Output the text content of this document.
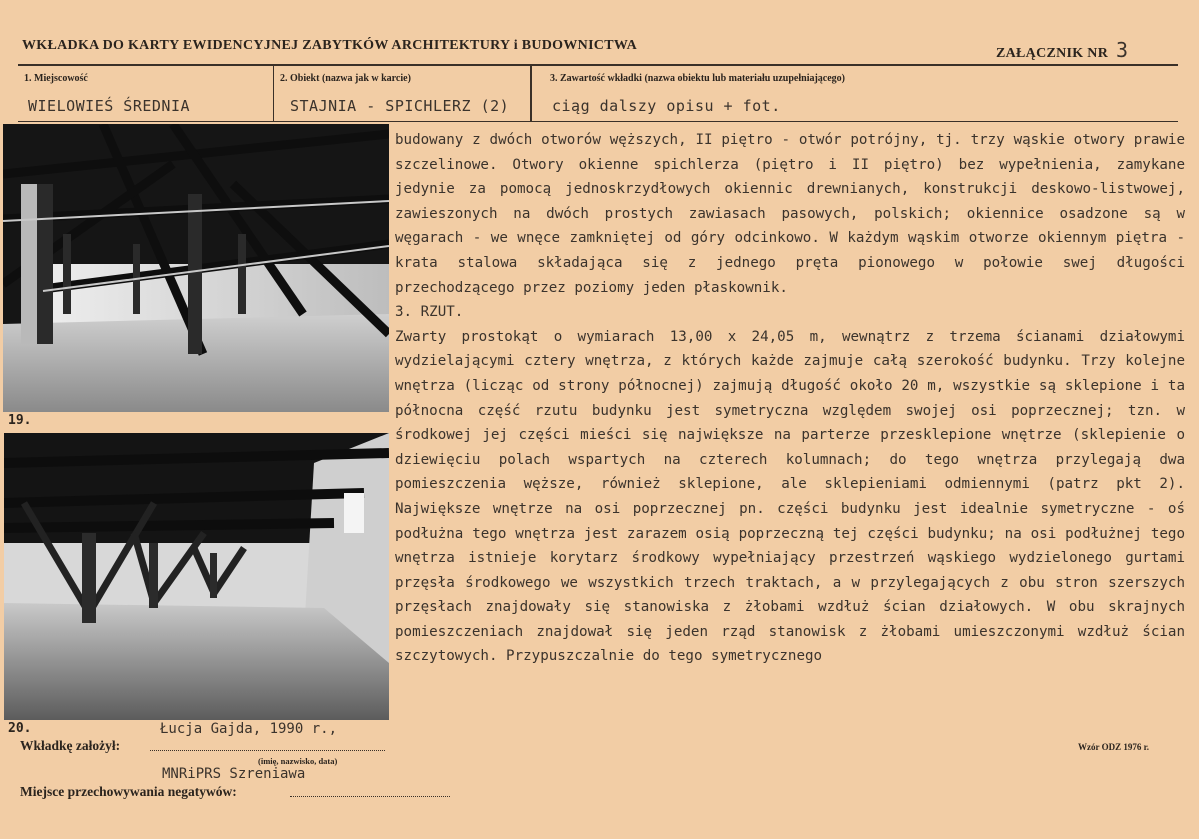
WKŁADKA DO KARTY EWIDENCYJNEJ ZABYTKÓW ARCHITEKTURY i BUDOWNICTWA
ZAŁĄCZNIK NR 3
1. Miejscowość
WIELOWIEŚ ŚREDNIA
2. Obiekt (nazwa jak w karcie)
STAJNIA - SPICHLERZ (2)
3. Zawartość wkładki (nazwa obiektu lub materiału uzupełniającego)
ciąg dalszy opisu + fot.
19.
20.

budowany z dwóch otworów węższych, II piętro - otwór potrójny, tj. trzy wąskie otwory prawie szczelinowe. Otwory okienne spichlerza (piętro i II piętro) bez wypełnienia, zamykane jedynie za pomocą jednoskrzydłowych okiennic drewnianych, konstrukcji deskowo-listwowej, zawieszonych na dwóch prostych zawiasach pasowych, polskich; okiennice osadzone są w węgarach - we wnęce zamkniętej od góry odcinkowo. W każdym wąskim otworze okiennym piętra - krata stalowa składająca się z jednego pręta pionowego w połowie swej długości przechodzącego przez poziomy jeden płaskownik.

3. RZUT.

Zwarty prostokąt o wymiarach 13,00 x 24,05 m, wewnątrz z trzema ścianami działowymi wydzielającymi cztery wnętrza, z których każde zajmuje całą szerokość budynku. Trzy kolejne wnętrza (licząc od strony północnej) zajmują długość około 20 m, wszystkie są sklepione i ta północna część rzutu budynku jest symetryczna względem swojej osi poprzecznej; tzn. w środkowej jej części mieści się największe na parterze przesklepione wnętrze (sklepienie o dziewięciu polach wspartych na czterech kolumnach; do tego wnętrza przylegają dwa pomieszczenia węższe, również sklepione, ale sklepieniami odmiennymi (patrz pkt 2). Największe wnętrze na osi poprzecznej pn. części budynku jest idealnie symetryczne - oś podłużna tego wnętrza jest zarazem osią poprzeczną tej części budynku; na osi podłużnej tego wnętrza istnieje korytarz środkowy wypełniający przestrzeń wąskiego wydzielonego gurtami przęsła środkowego we wszystkich trzech traktach, a w przylegających z obu stron szerszych przęsłach znajdowały się stanowiska z żłobami wzdłuż ścian działowych. W obu skrajnych pomieszczeniach znajdował się jeden rząd stanowisk z żłobami umieszczonymi wzdłuż ścian szczytowych. Przypuszczalnie do tego symetrycznego

Wkładkę założył:
Łucja Gajda, 1990 r.,
(imię, nazwisko, data)
MNRiPRS Szreniawa
Miejsce przechowywania negatywów:
Wzór ODZ 1976 r.
